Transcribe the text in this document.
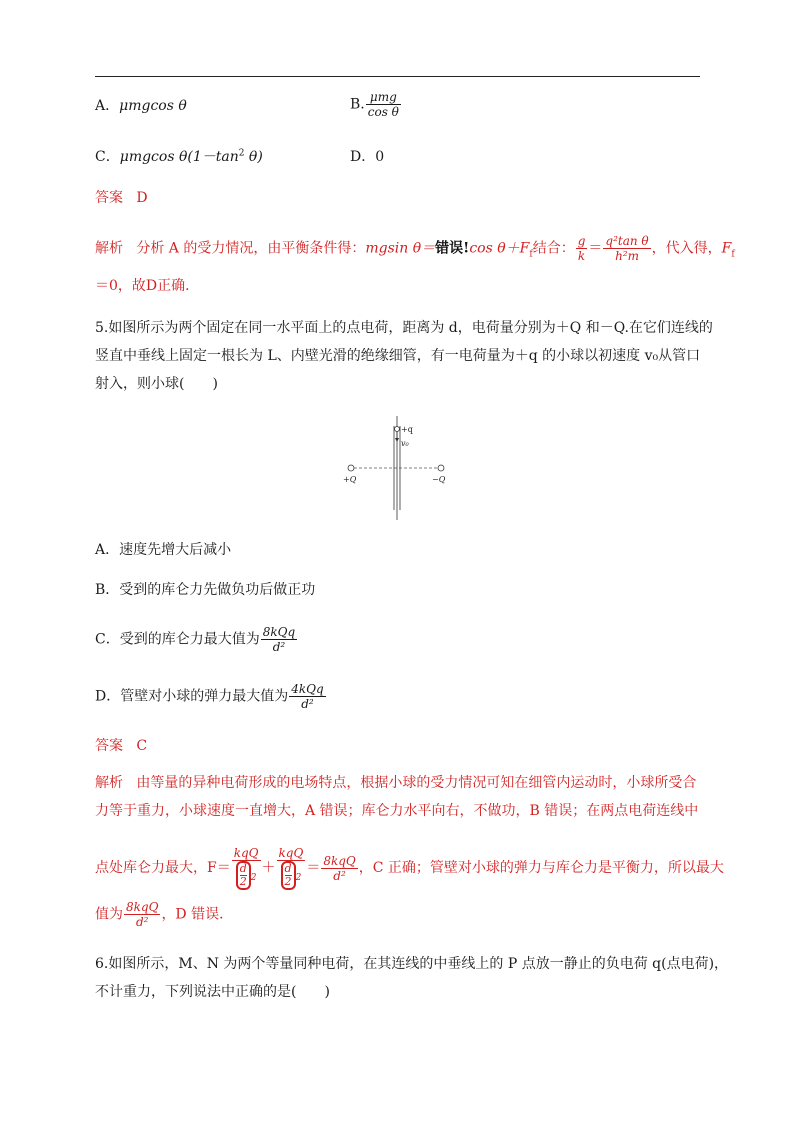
A．μmgcos θ	B. $\frac{\text{μmg}}{\text{cos θ}}$
C．μmgcos $\theta(1-\tan^2$ θ)	D．0
答案 D
解析 分析 A 的受力情况，由平衡条件得：mgsin θ＝错误!cos $\theta+F_f$结合： $\frac{g}{k} = \frac{\text{q²tan θ}}{\text{h²m}}$ ，代入得，$F_f$
＝0，故D正确．
5.如图所示为两个固定在同一水平面上的点电荷，距离为 d，电荷量分别为＋Q 和－Q.在它们连线的
竖直中垂线上固定一根长为 L、内壁光滑的绝缘细管，有一电荷量为＋q 的小球以初速度 v₀从管口
射入，则小球(　　)
+q
v₀
+Q	−Q
A．速度先增大后减小
B．受到的库仑力先做负功后做正功
C．受到的库仑力最大值为 $\frac{\text{8kQq}}{\text{d²}}$
D．管壁对小球的弹力最大值为 $\frac{\text{4kQq}}{\text{d²}}$
答案 C
解析 由等量的异种电荷形成的电场特点，根据小球的受力情况可知在细管内运动时，小球所受合
力等于重力，小球速度一直增大，A 错误；库仑力水平向右，不做功，B 错误；在两点电荷连线中
点处库仑力最大，$F= \frac{\text{kqQ}}{\frac{d}{2}^2} + \frac{\text{kqQ}}{\frac{d}{2}^2} = \frac{\text{8kqQ}}{\text{d²}}$ ，C 正确；管壁对小球的弹力与库仑力是平衡力，所以最大
值为 $\frac{\text{8kqQ}}{\text{d²}}$ ，D 错误．
6.如图所示，M、N 为两个等量同种电荷，在其连线的中垂线上的 P 点放一静止的负电荷 q(点电荷)，
不计重力，下列说法中正确的是(　　)
